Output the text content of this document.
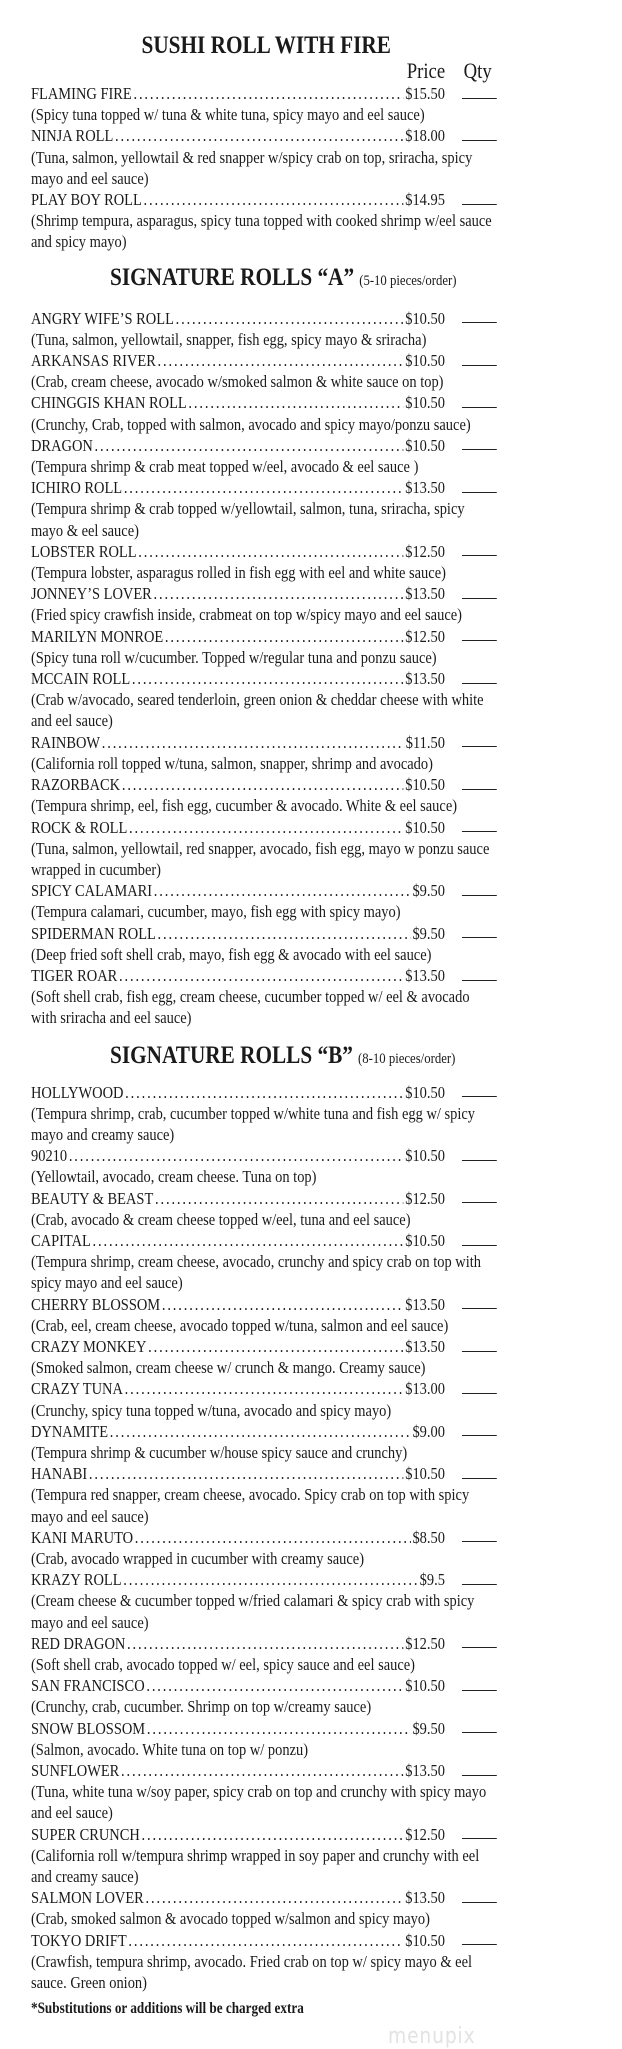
SUSHI ROLL WITH FIRE
Price Qty
FLAMING FIRE .....	$15.50
(Spicy tuna topped w/ tuna & white tuna, spicy mayo and eel sauce)
NINJA ROLL .....	$18.00
(Tuna, salmon, yellowtail & red snapper w/spicy crab on top, sriracha, spicy mayo and eel sauce)
PLAY BOY ROLL .....	$14.95
(Shrimp tempura, asparagus, spicy tuna topped with cooked shrimp w/eel sauce and spicy mayo)
SIGNATURE ROLLS “A” (5-10 pieces/order)
ANGRY WIFE’S ROLL .....	$10.50
(Tuna, salmon, yellowtail, snapper, fish egg, spicy mayo & sriracha)
ARKANSAS RIVER .....	$10.50
(Crab, cream cheese, avocado w/smoked salmon & white sauce on top)
CHINGGIS KHAN ROLL .....	$10.50
(Crunchy, Crab, topped with salmon, avocado and spicy mayo/ponzu sauce)
DRAGON .....	$10.50
(Tempura shrimp & crab meat topped w/eel, avocado & eel sauce )
ICHIRO ROLL .....	$13.50
(Tempura shrimp & crab topped w/yellowtail, salmon, tuna, sriracha, spicy mayo & eel sauce)
LOBSTER ROLL .....	$12.50
(Tempura lobster, asparagus rolled in fish egg with eel and white sauce)
JONNEY’S LOVER .....	$13.50
(Fried spicy crawfish inside, crabmeat on top w/spicy mayo and eel sauce)
MARILYN MONROE .....	$12.50
(Spicy tuna roll w/cucumber. Topped w/regular tuna and ponzu sauce)
MCCAIN ROLL .....	$13.50
(Crab w/avocado, seared tenderloin, green onion & cheddar cheese with white and eel sauce)
RAINBOW .....	$11.50
(California roll topped w/tuna, salmon, snapper, shrimp and avocado)
RAZORBACK .....	$10.50
(Tempura shrimp, eel, fish egg, cucumber & avocado. White & eel sauce)
ROCK & ROLL .....	$10.50
(Tuna, salmon, yellowtail, red snapper, avocado, fish egg, mayo w ponzu sauce wrapped in cucumber)
SPICY CALAMARI .....	$9.50
(Tempura calamari, cucumber, mayo, fish egg with spicy mayo)
SPIDERMAN ROLL .....	$9.50
(Deep fried soft shell crab, mayo, fish egg & avocado with eel sauce)
TIGER ROAR .....	$13.50
(Soft shell crab, fish egg, cream cheese, cucumber topped w/ eel & avocado with sriracha and eel sauce)
SIGNATURE ROLLS “B” (8-10 pieces/order)
HOLLYWOOD .....	$10.50
(Tempura shrimp, crab, cucumber topped w/white tuna and fish egg w/ spicy mayo and creamy sauce)
90210 .....	$10.50
(Yellowtail, avocado, cream cheese. Tuna on top)
BEAUTY & BEAST .....	$12.50
(Crab, avocado & cream cheese topped w/eel, tuna and eel sauce)
CAPITAL .....	$10.50
(Tempura shrimp, cream cheese, avocado, crunchy and spicy crab on top with spicy mayo and eel sauce)
CHERRY BLOSSOM .....	$13.50
(Crab, eel, cream cheese, avocado topped w/tuna, salmon and eel sauce)
CRAZY MONKEY .....	$13.50
(Smoked salmon, cream cheese w/ crunch & mango. Creamy sauce)
CRAZY TUNA .....	$13.00
(Crunchy, spicy tuna topped w/tuna, avocado and spicy mayo)
DYNAMITE .....	$9.00
(Tempura shrimp & cucumber w/house spicy sauce and crunchy)
HANABI .....	$10.50
(Tempura red snapper, cream cheese, avocado. Spicy crab on top with spicy mayo and eel sauce)
KANI MARUTO .....	$8.50
(Crab, avocado wrapped in cucumber with creamy sauce)
KRAZY ROLL .....	$9.5
(Cream cheese & cucumber topped w/fried calamari & spicy crab with spicy mayo and eel sauce)
RED DRAGON .....	$12.50
(Soft shell crab, avocado topped w/ eel, spicy sauce and eel sauce)
SAN FRANCISCO .....	$10.50
(Crunchy, crab, cucumber. Shrimp on top w/creamy sauce)
SNOW BLOSSOM .....	$9.50
(Salmon, avocado. White tuna on top w/ ponzu)
SUNFLOWER .....	$13.50
(Tuna, white tuna w/soy paper, spicy crab on top and crunchy with spicy mayo and eel sauce)
SUPER CRUNCH .....	$12.50
(California roll w/tempura shrimp wrapped in soy paper and crunchy with eel and creamy sauce)
SALMON LOVER .....	$13.50
(Crab, smoked salmon & avocado topped w/salmon and spicy mayo)
TOKYO DRIFT .....	$10.50
(Crawfish, tempura shrimp, avocado. Fried crab on top w/ spicy mayo & eel sauce. Green onion)
*Substitutions or additions will be charged extra
menupix
